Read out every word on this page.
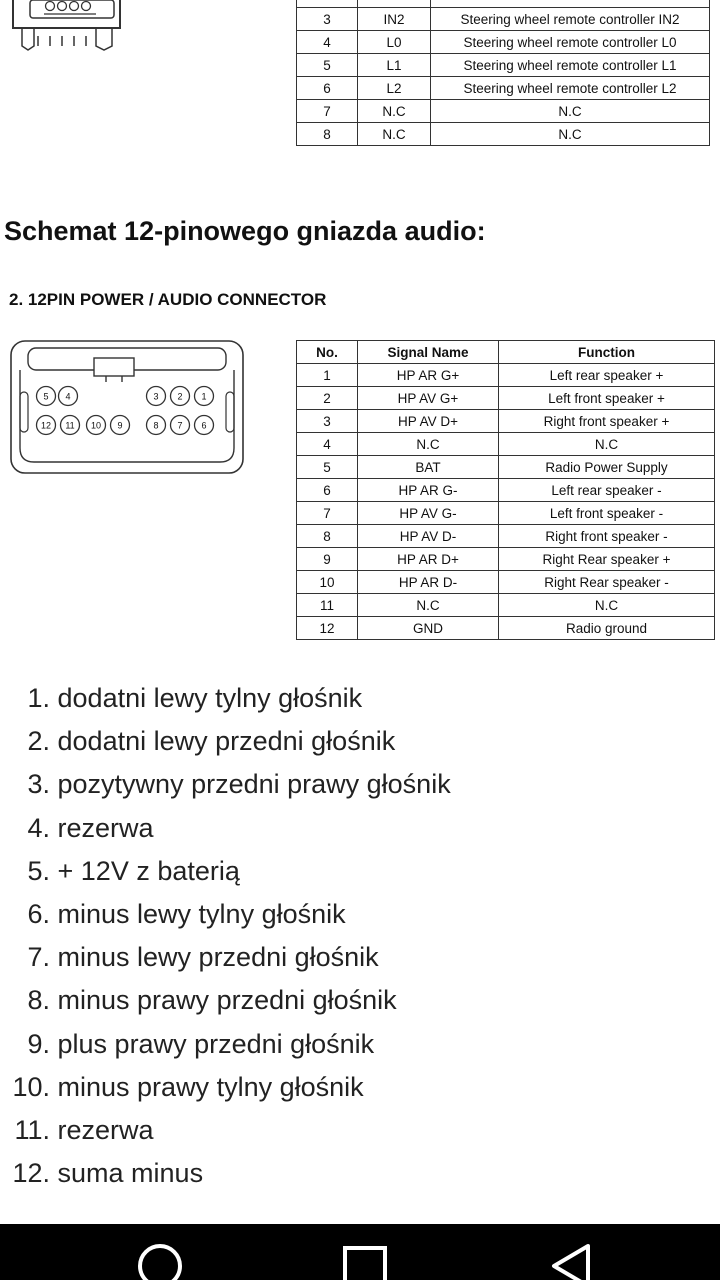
3	IN2	Steering wheel remote controller IN2
4	L0	Steering wheel remote controller L0
5	L1	Steering wheel remote controller L1
6	L2	Steering wheel remote controller L2
7	N.C	N.C
8	N.C	N.C
Schemat 12-pinowego gniazda audio:
2. 12PIN POWER / AUDIO CONNECTOR
5 4	3 2 1
12 11 10 9	8 7 6
No.	Signal Name	Function
1	HP AR G+	Left rear speaker +
2	HP AV G+	Left front speaker +
3	HP AV D+	Right front speaker +
4	N.C	N.C
5	BAT	Radio Power Supply
6	HP AR G-	Left rear speaker -
7	HP AV G-	Left front speaker -
8	HP AV D-	Right front speaker -
9	HP AR D+	Right Rear speaker +
10	HP AR D-	Right Rear speaker -
11	N.C	N.C
12	GND	Radio ground
1. dodatni lewy tylny głośnik
2. dodatni lewy przedni głośnik
3. pozytywny przedni prawy głośnik
4. rezerwa
5. + 12V z baterią
6. minus lewy tylny głośnik
7. minus lewy przedni głośnik
8. minus prawy przedni głośnik
9. plus prawy przedni głośnik
10. minus prawy tylny głośnik
11. rezerwa
12. suma minus
